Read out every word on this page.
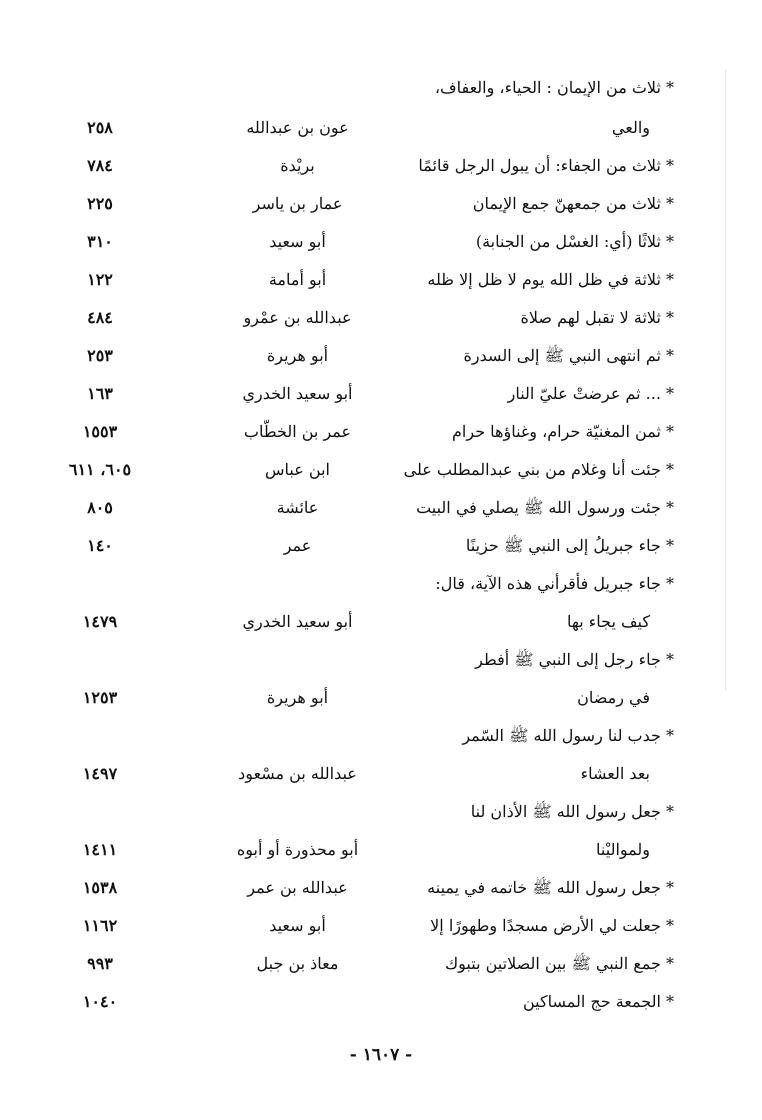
* ثلاث من الإيمان : الحياء، والعفاف،
والعي
عون بن عبدالله
٢٥٨
* ثلاث من الجفاء: أن يبول الرجل قائمًا
بريْدة
٧٨٤
* ثلاث من جمعهنّ جمع الإيمان
عمار بن ياسر
٢٢٥
* ثلاثًا (أي: الغسْل من الجنابة)
أبو سعيد
٣١٠
* ثلاثة في ظل الله يوم لا ظل إلا ظله
أبو أمامة
١٢٢
* ثلاثة لا تقبل لهم صلاة
عبدالله بن عمْرو
٤٨٤
* ثم انتهى النبي ﷺ إلى السدرة
أبو هريرة
٢٥٣
* ... ثم عرضتْ عليّ النار
أبو سعيد الخدري
١٦٣
* ثمن المغنيّة حرام، وغناؤها حرام
عمر بن الخطّاب
١٥٥٣
* جئت أنا وغلام من بني عبدالمطلب على
ابن عباس
٦٠٥، ٦١١
* جئت ورسول الله ﷺ يصلي في البيت
عائشة
٨٠٥
* جاء جبريلُ إلى النبي ﷺ حزينًا
عمر
١٤٠
* جاء جبريل فأقرأني هذه الآية، قال:
كيف يجاء بها
أبو سعيد الخدري
١٤٧٩
* جاء رجل إلى النبي ﷺ أفطر
في رمضان
أبو هريرة
١٢٥٣
* جدب لنا رسول الله ﷺ السّمر
بعد العشاء
عبدالله بن مسْعود
١٤٩٧
* جعل رسول الله ﷺ الأذان لنا
ولمواليْنا
أبو محذورة أو أبوه
١٤١١
* جعل رسول الله ﷺ خاتمه في يمينه
عبدالله بن عمر
١٥٣٨
* جعلت لي الأرض مسجدًا وطهورًا إلا
أبو سعيد
١١٦٢
* جمع النبي ﷺ بين الصلاتين بتبوك
معاذ بن جبل
٩٩٣
* الجمعة حج المساكين
١٠٤٠
- ١٦٠٧ -
